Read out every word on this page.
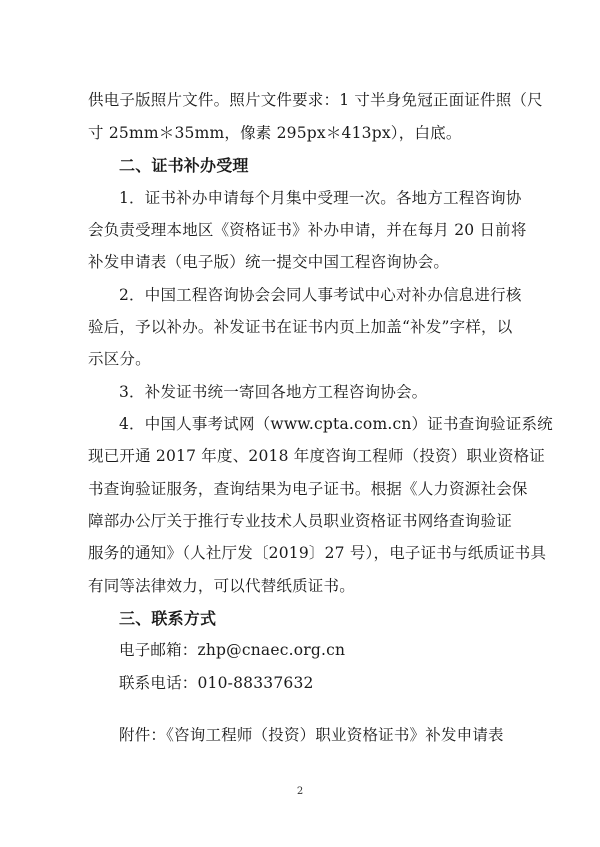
供电子版照片文件。照片文件要求：1 寸半身免冠正面证件照（尺
寸 25mm＊35mm，像素 295px＊413px），白底。
二、证书补办受理
1．证书补办申请每个月集中受理一次。各地方工程咨询协
会负责受理本地区《资格证书》补办申请，并在每月 20 日前将
补发申请表（电子版）统一提交中国工程咨询协会。
2．中国工程咨询协会会同人事考试中心对补办信息进行核
验后，予以补办。补发证书在证书内页上加盖“补发”字样，以
示区分。
3．补发证书统一寄回各地方工程咨询协会。
4．中国人事考试网（www.cpta.com.cn）证书查询验证系统
现已开通 2017 年度、2018 年度咨询工程师（投资）职业资格证
书查询验证服务，查询结果为电子证书。根据《人力资源社会保
障部办公厅关于推行专业技术人员职业资格证书网络查询验证
服务的通知》（人社厅发〔2019〕27 号），电子证书与纸质证书具
有同等法律效力，可以代替纸质证书。
三、联系方式
电子邮箱：zhp@cnaec.org.cn
联系电话：010-88337632
附件：《咨询工程师（投资）职业资格证书》补发申请表
2
